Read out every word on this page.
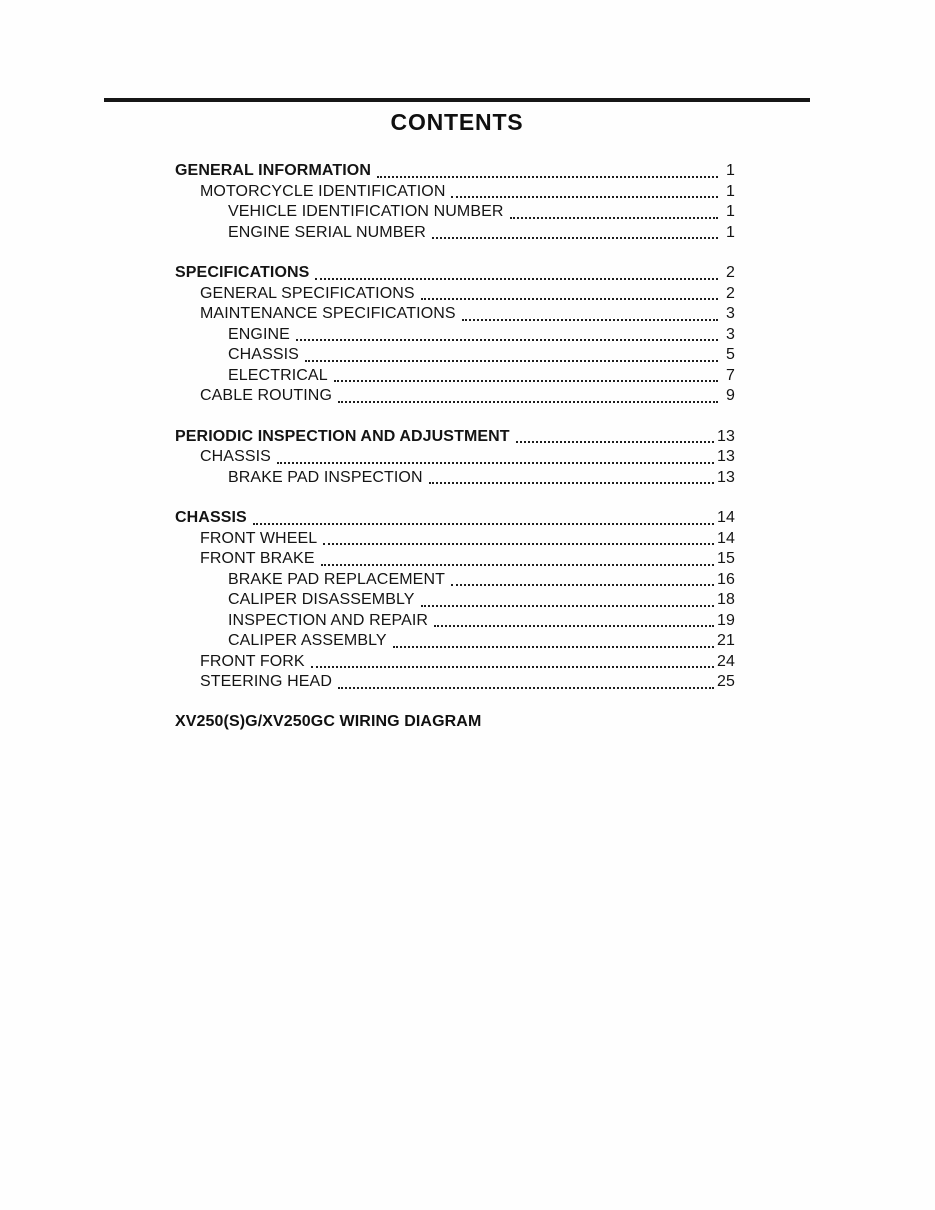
CONTENTS
GENERAL INFORMATION	1
MOTORCYCLE IDENTIFICATION	1
VEHICLE IDENTIFICATION NUMBER	1
ENGINE SERIAL NUMBER	1
SPECIFICATIONS	2
GENERAL SPECIFICATIONS	2
MAINTENANCE SPECIFICATIONS	3
ENGINE	3
CHASSIS	5
ELECTRICAL	7
CABLE ROUTING	9
PERIODIC INSPECTION AND ADJUSTMENT	13
CHASSIS	13
BRAKE PAD INSPECTION	13
CHASSIS	14
FRONT WHEEL	14
FRONT BRAKE	15
BRAKE PAD REPLACEMENT	16
CALIPER DISASSEMBLY	18
INSPECTION AND REPAIR	19
CALIPER ASSEMBLY	21
FRONT FORK	24
STEERING HEAD	25
XV250(S)G/XV250GC WIRING DIAGRAM
